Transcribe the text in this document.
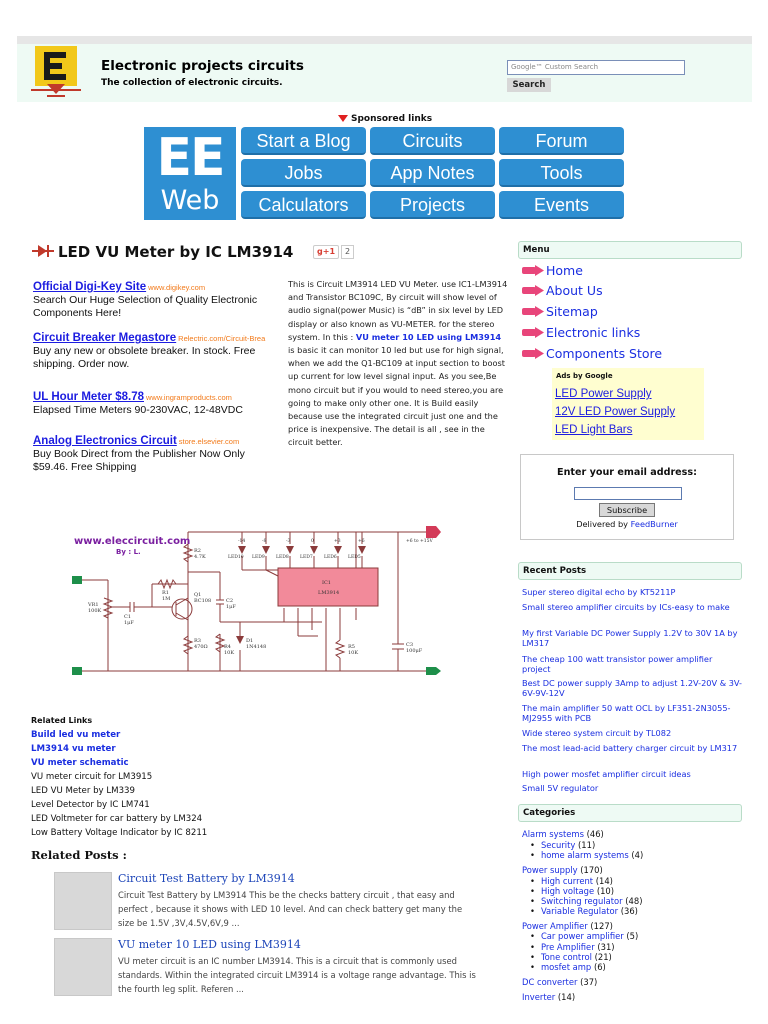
Electronic projects circuits
The collection of electronic circuits.
Google™ Custom Search
Search
Sponsored links
EE
Web
Start a Blog	Circuits	Forum
Jobs	App Notes	Tools
Calculators	Projects	Events
LED VU Meter by IC LM3914	g+1 2
Official Digi-Key Site www.digikey.com
Search Our Huge Selection of Quality Electronic Components Here!
Circuit Breaker Megastore Relectric.com/Circuit-Brea
Buy any new or obsolete breaker. In stock. Free shipping. Order now.
UL Hour Meter $8.78 www.ingramproducts.com
Elapsed Time Meters 90-230VAC, 12-48VDC
Analog Electronics Circuit store.elsevier.com
Buy Book Direct from the Publisher Now Only $59.46. Free Shipping
This is Circuit LM3914 LED VU Meter. use IC1-LM3914 and Transistor BC109C, By circuit will show level of audio signal(power Music) is “dB” in six level by LED display or also known as VU-METER. for the stereo system. In this : VU meter 10 LED using LM3914 is basic it can monitor 10 led but use for high signal, when we add the Q1-BC109 at input section to boost up current for low level signal input. As you see,Be mono circuit but if you would to need stereo,you are going to make only other one. It is Build easily because use the integrated circuit just one and the price is inexpensive. The detail is all , see in the circuit better.
www.eleccircuit.com
By : L.
+6 to +15V
IC1
LM3914
R1
1M
R2
4.7K
R3
470Ω	R4
10K
R5
10K
VR1
100K
C1
1μF
C2
1μF
C3
100μF
Q1
BC108
D1
1N4148
LED10 LED9	LED8	LED7	LED6	LED5
-14	-8	-3	0	+3	+6
Related Links
Build led vu meter
LM3914 vu meter
VU meter schematic
VU meter circuit for LM3915
LED VU Meter by LM339
Level Detector by IC LM741
LED Voltmeter for car battery by LM324
Low Battery Voltage Indicator by IC 8211
Related Posts :
Circuit Test Battery by LM3914
Circuit Test Battery by LM3914 This be the checks battery circuit , that easy and perfect , because it shows with LED 10 level. And can check battery get many the size be 1.5V ,3V,4.5V,6V,9 ...
VU meter 10 LED using LM3914
VU meter circuit is an IC number LM3914. This is a circuit that is commonly used standards. Within the integrated circuit LM3914 is a voltage range advantage. This is the fourth leg split. Referen ...
Menu
Home
About Us
Sitemap
Electronic links
Components Store
Ads by Google
LED Power Supply
12V LED Power Supply
LED Light Bars
Enter your email address:
Subscribe
Delivered by FeedBurner
Recent Posts
Super stereo digital echo by KT5211P
Small stereo amplifier circuits by ICs-easy to make
My first Variable DC Power Supply 1.2V to 30V 1A by LM317
The cheap 100 watt transistor power amplifier project
Best DC power supply 3Amp to adjust 1.2V-20V & 3V-6V-9V-12V
The main amplifier 50 watt OCL by LF351-2N3055-MJ2955 with PCB
Wide stereo system circuit by TL082
The most lead-acid battery charger circuit by LM317
High power mosfet amplifier circuit ideas
Small 5V regulator
Categories
Alarm systems (46)
• Security (11)
• home alarm systems (4)
Power supply (170)
• High current (14)
• High voltage (10)
• Switching regulator (48)
• Variable Regulator (36)
Power Amplifier (127)
• Car power amplifier (5)
• Pre Amplifier (31)
• Tone control (21)
• mosfet amp (6)
DC converter (37)
Inverter (14)
